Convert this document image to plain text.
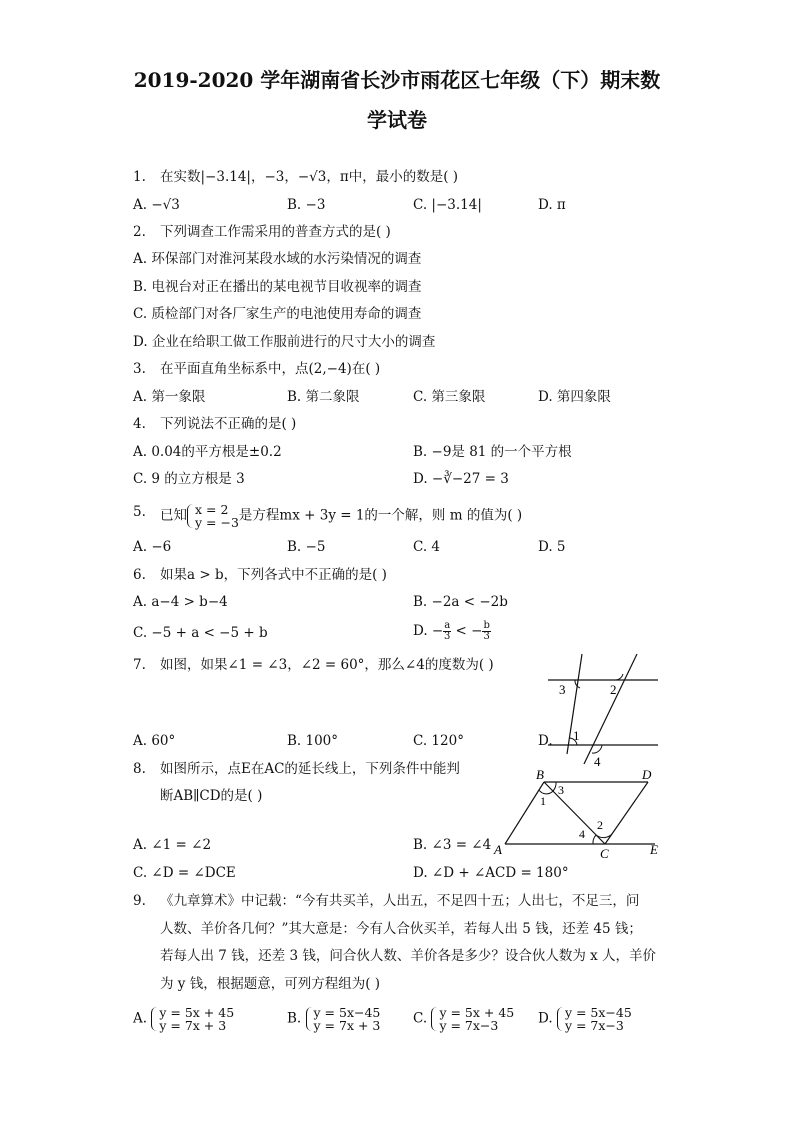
2019-2020 学年湖南省长沙市雨花区七年级（下）期末数
学试卷
1. 在实数|−3.14|，−3，−√3，π中，最小的数是( )
A. −√3	B. −3	C. |−3.14|	D. π
2. 下列调查工作需采用的普查方式的是( )
A. 环保部门对淮河某段水域的水污染情况的调查
B. 电视台对正在播出的某电视节目收视率的调查
C. 质检部门对各厂家生产的电池使用寿命的调查
D. 企业在给职工做工作服前进行的尺寸大小的调查
3. 在平面直角坐标系中，点(2,−4)在( )
A. 第一象限	B. 第二象限	C. 第三象限	D. 第四象限
4. 下列说法不正确的是( )
A. 0.04的平方根是±0.2	B. −9是 81 的一个平方根
C. 9 的立方根是 3	D. −∛−27 = 3
5. 已知 x = 2
y = −3 是方程mx + 3y = 1的一个解，则 m 的值为( )
A. −6	B. −5	C. 4	D. 5
6. 如果a > b，下列各式中不正确的是( )
A. a−4 > b−4	B. −2a < −2b
C. −5 + a < −5 + b	D. − $\frac{a}{3}$ < − $\frac{b}{3}$
7. 如图，如果∠1 = ∠3，∠2 = 60°，那么∠4的度数为( )
A. 60°	B. 100°	C. 120°	D.
3	2
1
4
8. 如图所示，点E在AC的延长线上，下列条件中能判
断AB∥CD的是( )
A. ∠1 = ∠2	B. ∠3 = ∠4
C. ∠D = ∠DCE	D. ∠D + ∠ACD = 180°
B	D
3
1
2
4
A	C	E
9. 《九章算术》中记载：“今有共买羊，人出五，不足四十五；人出七，不足三，问
人数、羊价各几何？”其大意是：今有人合伙买羊，若每人出 5 钱，还差 45 钱；
若每人出 7 钱，还差 3 钱，问合伙人数、羊价各是多少？设合伙人数为 x 人，羊价
为 y 钱，根据题意，可列方程组为( )
A. y = 5x + 45
y = 7x + 3	B. y = 5x−45
y = 7x + 3 C. y = 5x + 45
y = 7x−3	D. y = 5x−45
y = 7x−3
